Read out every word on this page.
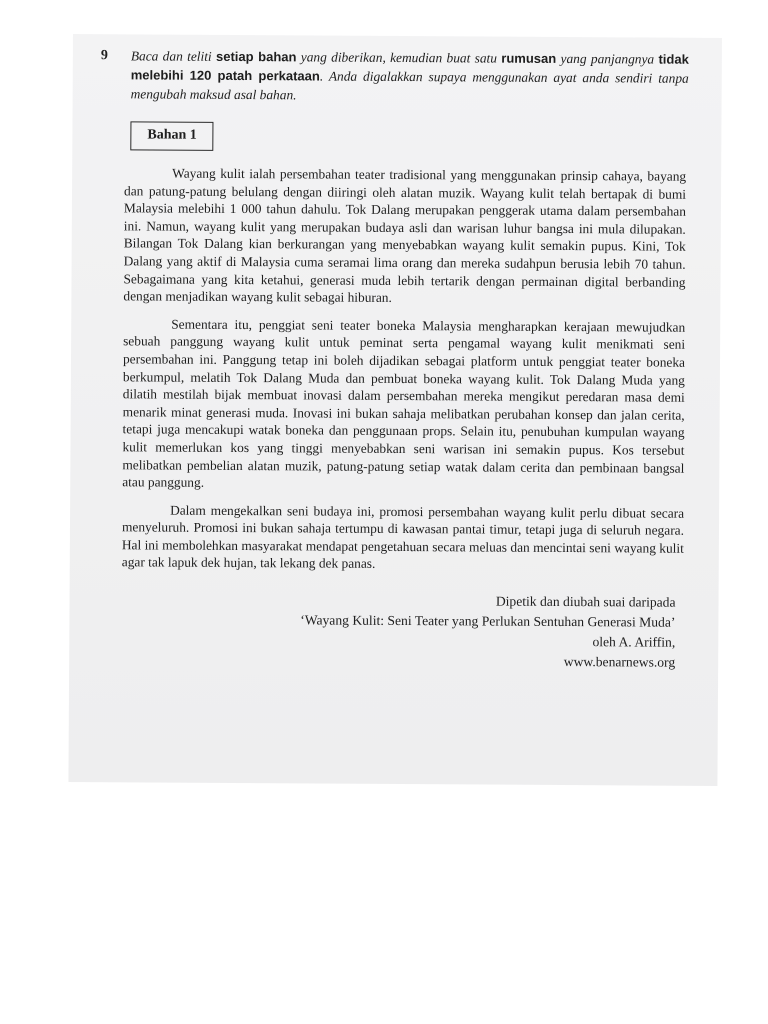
9	Baca dan teliti setiap bahan yang diberikan, kemudian buat satu rumusan yang panjangnya tidak melebihi 120 patah perkataan. Anda digalakkan supaya menggunakan ayat anda sendiri tanpa mengubah maksud asal bahan.
Bahan 1

Wayang kulit ialah persembahan teater tradisional yang menggunakan prinsip cahaya, bayang dan patung-patung belulang dengan diiringi oleh alatan muzik. Wayang kulit telah bertapak di bumi Malaysia melebihi 1 000 tahun dahulu. Tok Dalang merupakan penggerak utama dalam persembahan ini. Namun, wayang kulit yang merupakan budaya asli dan warisan luhur bangsa ini mula dilupakan. Bilangan Tok Dalang kian berkurangan yang menyebabkan wayang kulit semakin pupus. Kini, Tok Dalang yang aktif di Malaysia cuma seramai lima orang dan mereka sudahpun berusia lebih 70 tahun. Sebagaimana yang kita ketahui, generasi muda lebih tertarik dengan permainan digital berbanding dengan menjadikan wayang kulit sebagai hiburan.

Sementara itu, penggiat seni teater boneka Malaysia mengharapkan kerajaan mewujudkan sebuah panggung wayang kulit untuk peminat serta pengamal wayang kulit menikmati seni persembahan ini. Panggung tetap ini boleh dijadikan sebagai platform untuk penggiat teater boneka berkumpul, melatih Tok Dalang Muda dan pembuat boneka wayang kulit. Tok Dalang Muda yang dilatih mestilah bijak membuat inovasi dalam persembahan mereka mengikut peredaran masa demi menarik minat generasi muda. Inovasi ini bukan sahaja melibatkan perubahan konsep dan jalan cerita, tetapi juga mencakupi watak boneka dan penggunaan props. Selain itu, penubuhan kumpulan wayang kulit memerlukan kos yang tinggi menyebabkan seni warisan ini semakin pupus. Kos tersebut melibatkan pembelian alatan muzik, patung-patung setiap watak dalam cerita dan pembinaan bangsal atau panggung.

Dalam mengekalkan seni budaya ini, promosi persembahan wayang kulit perlu dibuat secara menyeluruh. Promosi ini bukan sahaja tertumpu di kawasan pantai timur, tetapi juga di seluruh negara. Hal ini membolehkan masyarakat mendapat pengetahuan secara meluas dan mencintai seni wayang kulit agar tak lapuk dek hujan, tak lekang dek panas.

Dipetik dan diubah suai daripada
‘Wayang Kulit: Seni Teater yang Perlukan Sentuhan Generasi Muda’
oleh A. Ariffin,
www.benarnews.org
